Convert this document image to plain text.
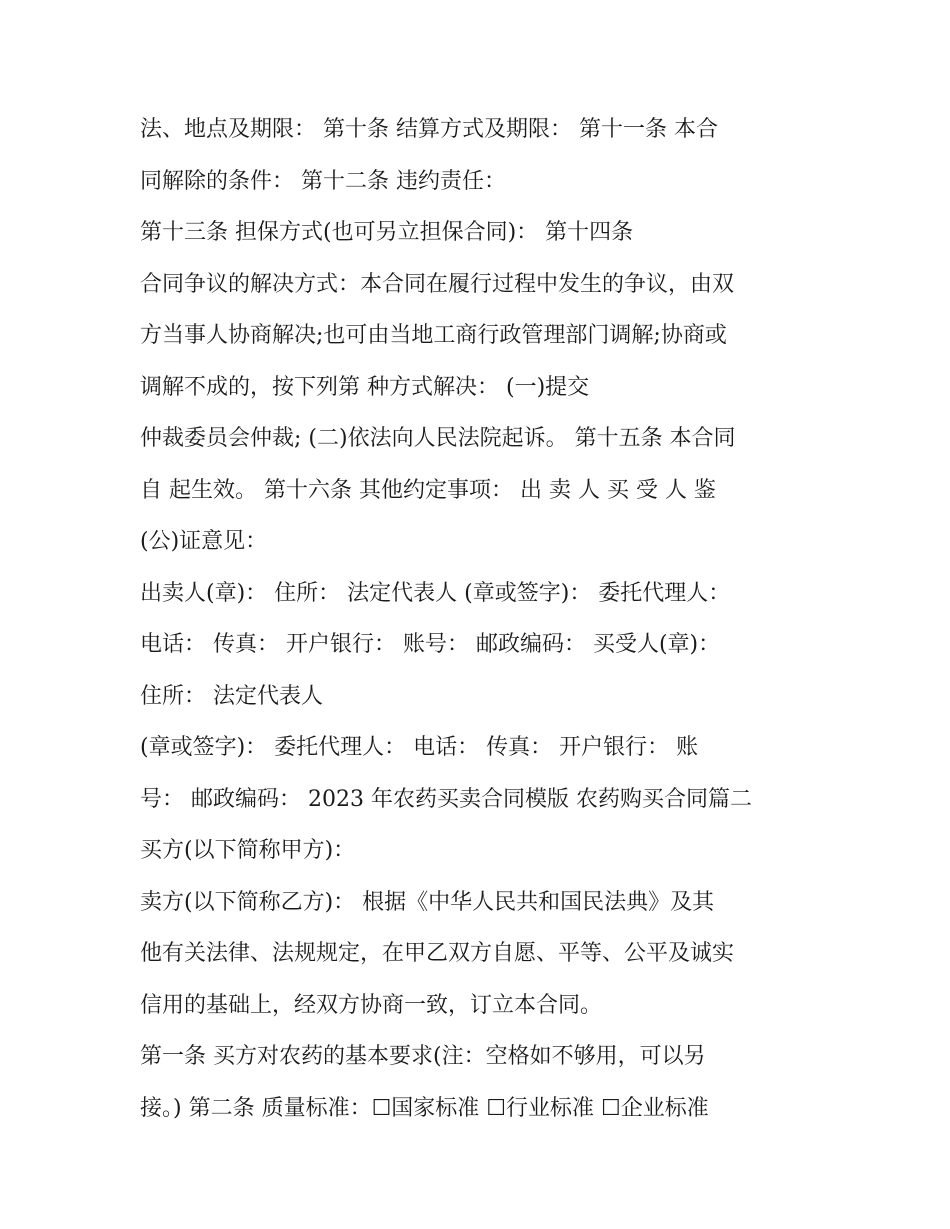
法、地点及期限： 第十条 结算方式及期限： 第十一条 本合
同解除的条件： 第十二条 违约责任：
第十三条 担保方式(也可另立担保合同)： 第十四条
合同争议的解决方式：本合同在履行过程中发生的争议，由双
方当事人协商解决;也可由当地工商行政管理部门调解;协商或
调解不成的，按下列第 种方式解决： (一)提交
仲裁委员会仲裁; (二)依法向人民法院起诉。 第十五条 本合同
自 起生效。 第十六条 其他约定事项： 出 卖 人 买 受 人 鉴
(公)证意见：
出卖人(章)： 住所： 法定代表人 (章或签字)： 委托代理人：
电话： 传真： 开户银行： 账号： 邮政编码： 买受人(章)：
住所： 法定代表人
(章或签字)： 委托代理人： 电话： 传真： 开户银行： 账
号： 邮政编码： 2023 年农药买卖合同模版 农药购买合同篇二
买方(以下简称甲方)：
卖方(以下简称乙方)： 根据《中华人民共和国民法典》及其
他有关法律、法规规定，在甲乙双方自愿、平等、公平及诚实
信用的基础上，经双方协商一致，订立本合同。
第一条 买方对农药的基本要求(注：空格如不够用，可以另
接。) 第二条 质量标准：☐国家标准 ☐行业标准 ☐企业标准
